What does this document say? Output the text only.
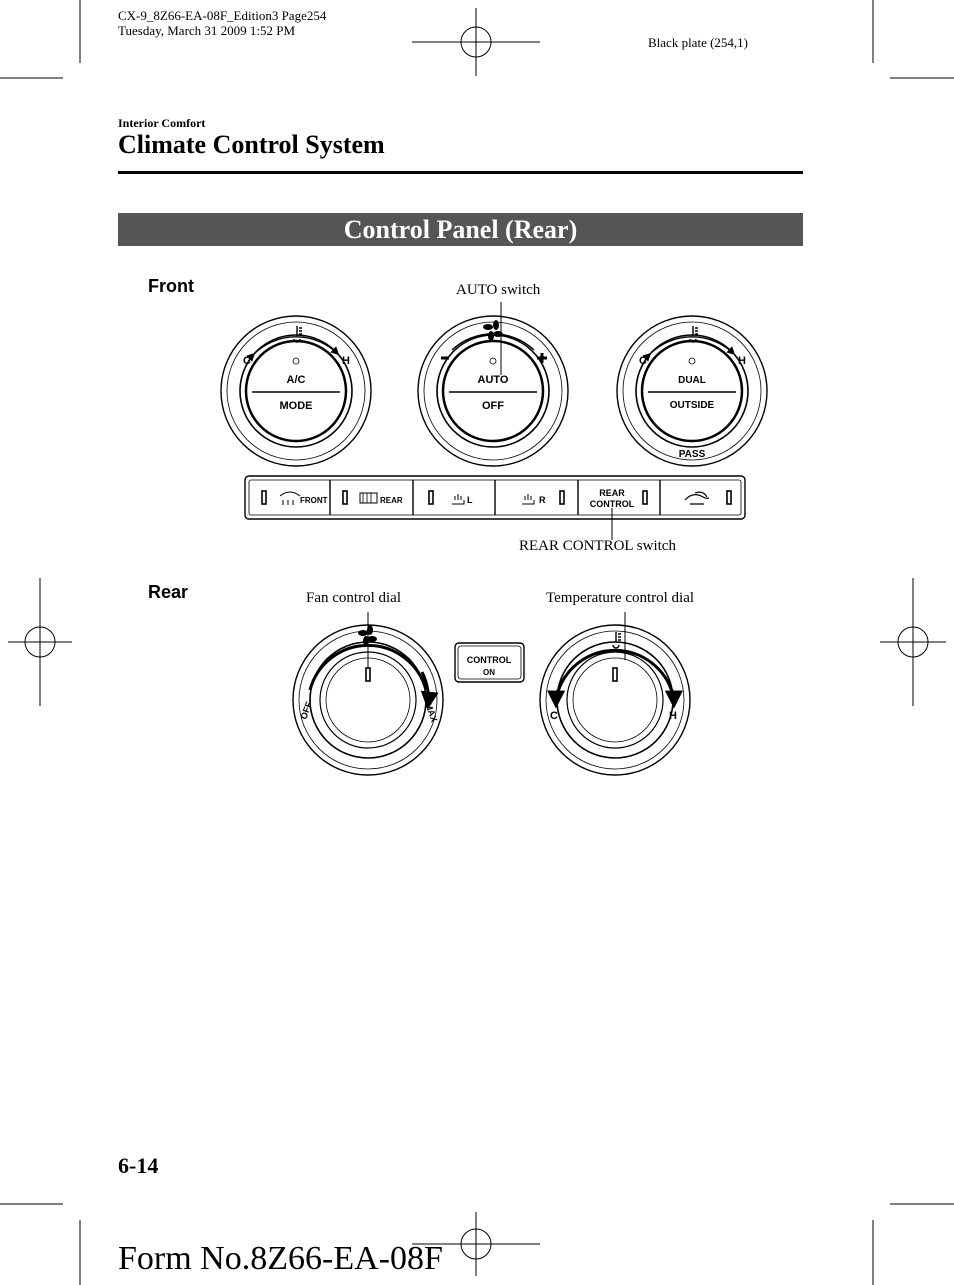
C	H
A/C
MODE
AUTO
OFF
C	H
DUAL
OUTSIDE
PASS
FRONT	REAR	L	R
REAR
CONTROL
OFF	MAX
CONTROL
ON
C	H
CX-9_8Z66-EA-08F_Edition3 Page254
Tuesday, March 31 2009 1:52 PM
Black plate (254,1)
Interior Comfort
Climate Control System
Control Panel (Rear)
Front	AUTO switch
REAR CONTROL switch
Rear	Fan control dial	Temperature control dial
6-14
Form No.8Z66-EA-08F
